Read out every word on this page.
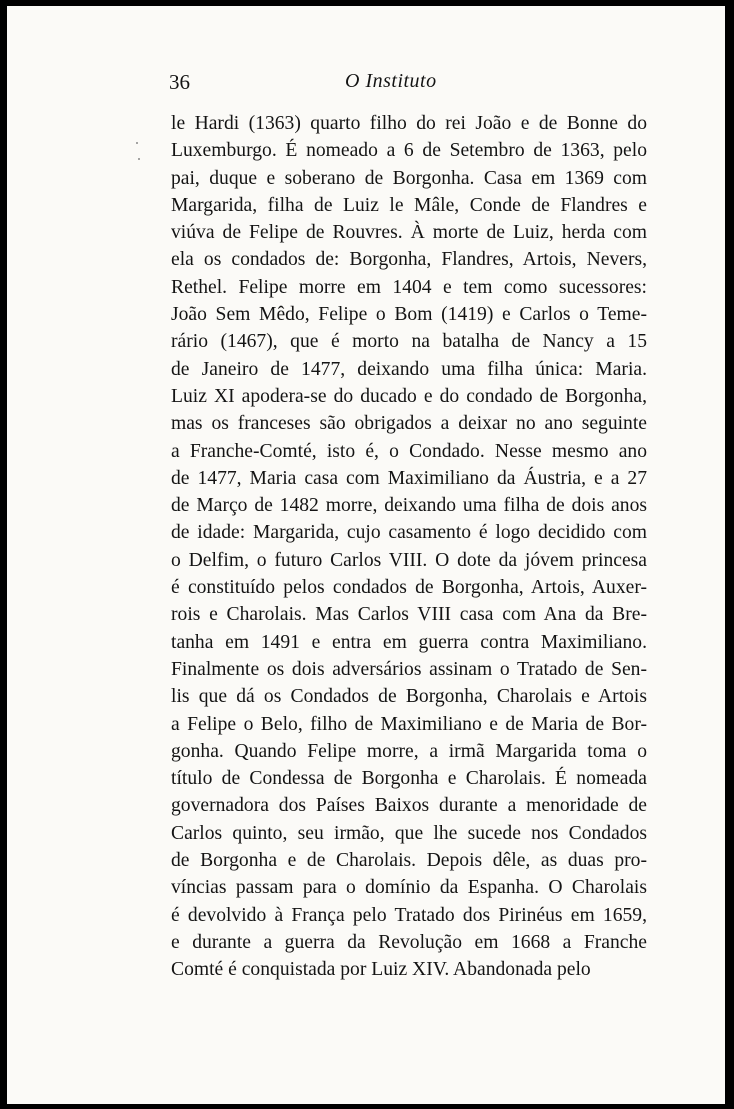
36	O Instituto
le Hardi (1363) quarto filho do rei João e de Bonne do
Luxemburgo. É nomeado a 6 de Setembro de 1363, pelo
pai, duque e soberano de Borgonha. Casa em 1369 com
Margarida, filha de Luiz le Mâle, Conde de Flandres e
viúva de Felipe de Rouvres. À morte de Luiz, herda com
ela os condados de: Borgonha, Flandres, Artois, Nevers,
Rethel. Felipe morre em 1404 e tem como sucessores:
João Sem Mêdo, Felipe o Bom (1419) e Carlos o Teme-
rário (1467), que é morto na batalha de Nancy a 15
de Janeiro de 1477, deixando uma filha única: Maria.
Luiz XI apodera-se do ducado e do condado de Borgonha,
mas os franceses são obrigados a deixar no ano seguinte
a Franche-Comté, isto é, o Condado. Nesse mesmo ano
de 1477, Maria casa com Maximiliano da Áustria, e a 27
de Março de 1482 morre, deixando uma filha de dois anos
de idade: Margarida, cujo casamento é logo decidido com
o Delfim, o futuro Carlos VIII. O dote da jóvem princesa
é constituído pelos condados de Borgonha, Artois, Auxer-
rois e Charolais. Mas Carlos VIII casa com Ana da Bre-
tanha em 1491 e entra em guerra contra Maximiliano.
Finalmente os dois adversários assinam o Tratado de Sen-
lis que dá os Condados de Borgonha, Charolais e Artois
a Felipe o Belo, filho de Maximiliano e de Maria de Bor-
gonha. Quando Felipe morre, a irmã Margarida toma o
título de Condessa de Borgonha e Charolais. É nomeada
governadora dos Países Baixos durante a menoridade de
Carlos quinto, seu irmão, que lhe sucede nos Condados
de Borgonha e de Charolais. Depois dêle, as duas pro-
víncias passam para o domínio da Espanha. O Charolais
é devolvido à França pelo Tratado dos Pirinéus em 1659,
e durante a guerra da Revolução em 1668 a Franche
Comté é conquistada por Luiz XIV. Abandonada pelo
